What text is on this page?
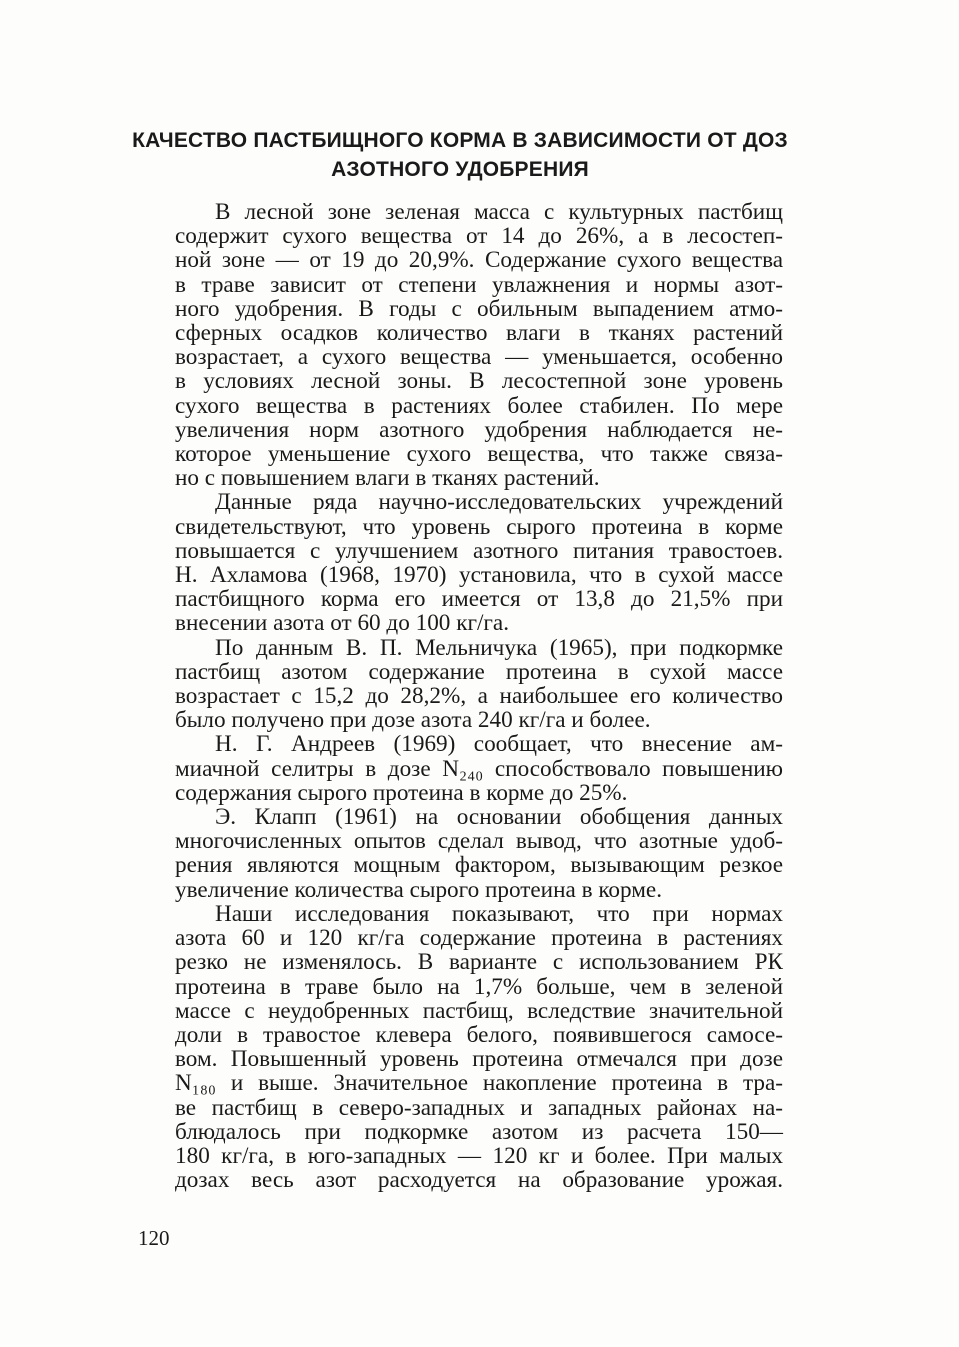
КАЧЕСТВО ПАСТБИЩНОГО КОРМА В ЗАВИСИМОСТИ ОТ ДОЗ
АЗОТНОГО УДОБРЕНИЯ
В лесной зоне зеленая масса с культурных пастбищ
содержит сухого вещества от 14 до 26%, а в лесостеп-
ной зоне — от 19 до 20,9%. Содержание сухого вещества
в траве зависит от степени увлажнения и нормы азот-
ного удобрения. В годы с обильным выпадением атмо-
сферных осадков количество влаги в тканях растений
возрастает, а сухого вещества — уменьшается, особенно
в условиях лесной зоны. В лесостепной зоне уровень
сухого вещества в растениях более стабилен. По мере
увеличения норм азотного удобрения наблюдается не-
которое уменьшение сухого вещества, что также связа-
но с повышением влаги в тканях растений.
Данные ряда научно-исследовательских учреждений
свидетельствуют, что уровень сырого протеина в корме
повышается с улучшением азотного питания травостоев.
Н. Ахламова (1968, 1970) установила, что в сухой массе
пастбищного корма его имеется от 13,8 до 21,5% при
внесении азота от 60 до 100 кг/га.
По данным В. П. Мельничука (1965), при подкормке
пастбищ азотом содержание протеина в сухой массе
возрастает с 15,2 до 28,2%, а наибольшее его количество
было получено при дозе азота 240 кг/га и более.
Н. Г. Андреев (1969) сообщает, что внесение ам-
миачной селитры в дозе N₂₄₀ способствовало повышению
содержания сырого протеина в корме до 25%.
Э. Клапп (1961) на основании обобщения данных
многочисленных опытов сделал вывод, что азотные удоб-
рения являются мощным фактором, вызывающим резкое
увеличение количества сырого протеина в корме.
Наши исследования показывают, что при нормах
азота 60 и 120 кг/га содержание протеина в растениях
резко не изменялось. В варианте с использованием РК
протеина в траве было на 1,7% больше, чем в зеленой
массе с неудобренных пастбищ, вследствие значительной
доли в травостое клевера белого, появившегося самосе-
вом. Повышенный уровень протеина отмечался при дозе
N₁₈₀ и выше. Значительное накопление протеина в тра-
ве пастбищ в северо-западных и западных районах на-
блюдалось при подкормке азотом из расчета 150—
180 кг/га, в юго-западных — 120 кг и более. При малых
дозах весь азот расходуется на образование урожая.
120
